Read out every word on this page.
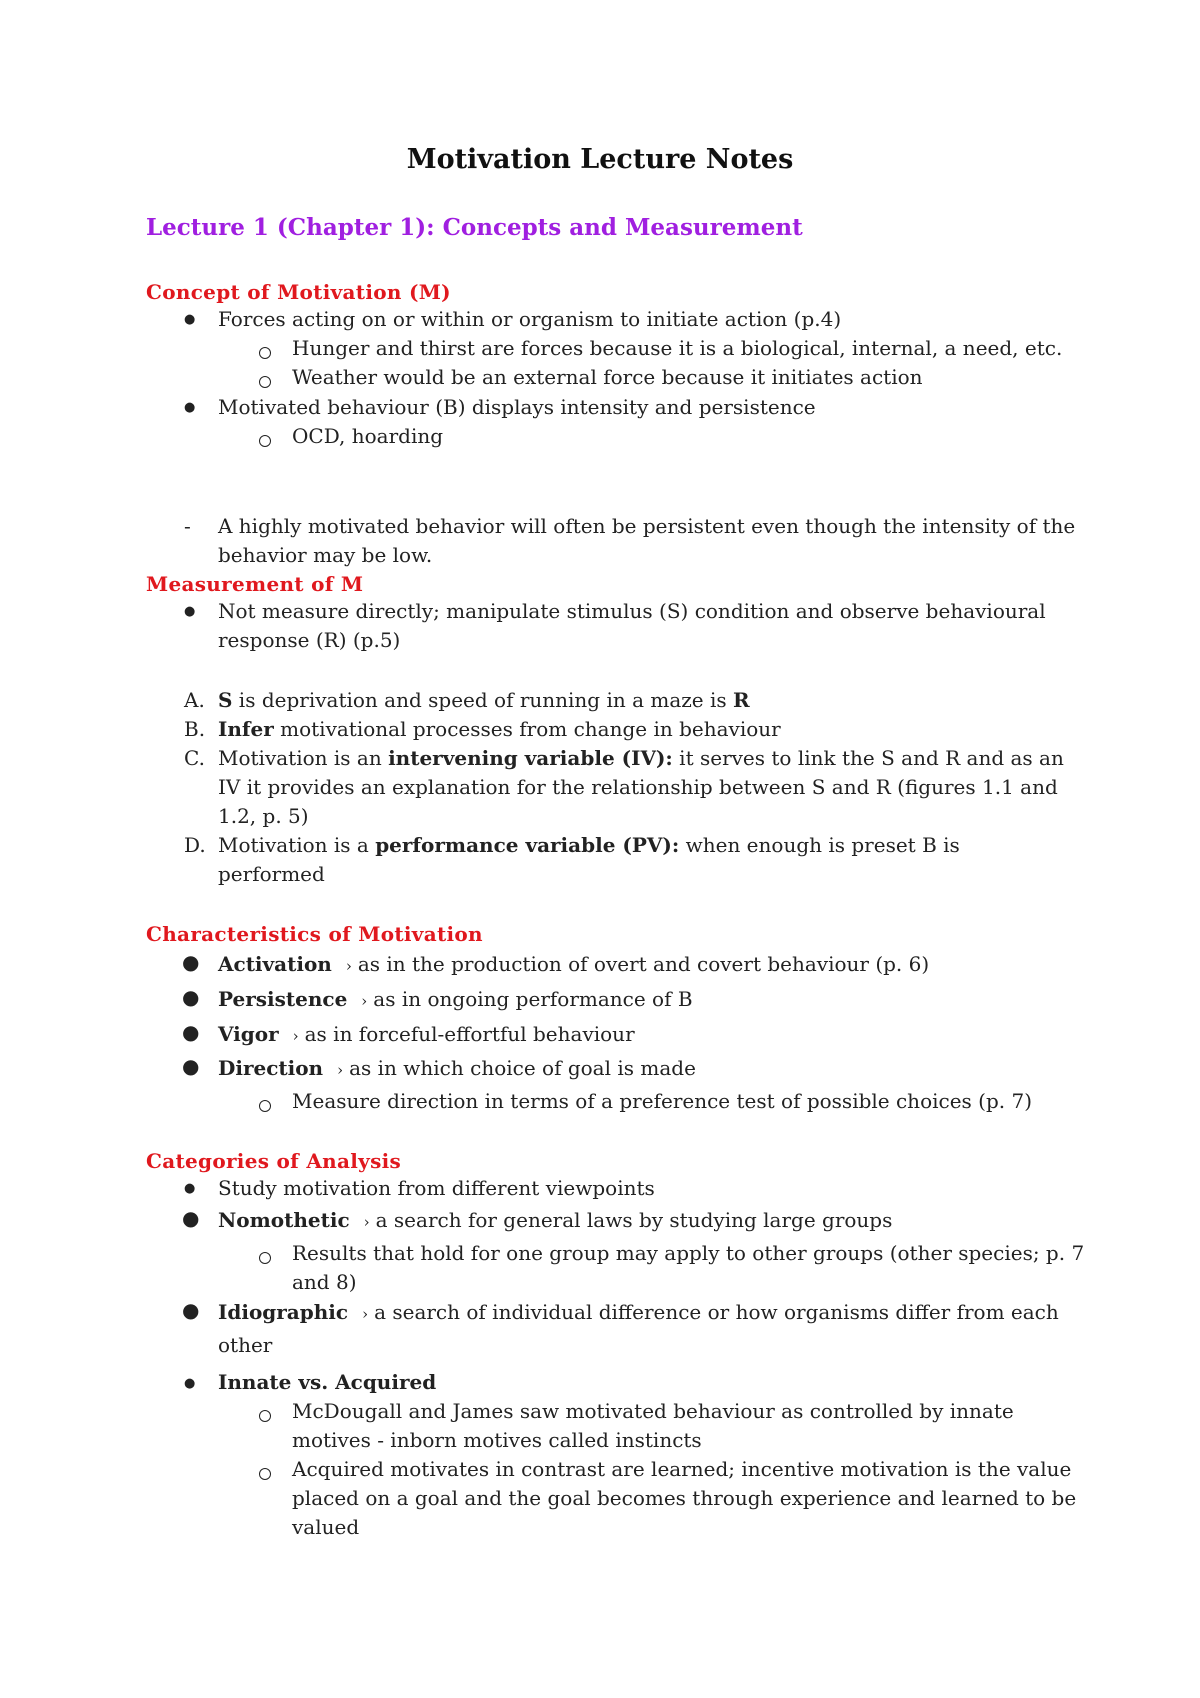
Motivation Lecture Notes
Lecture 1 (Chapter 1): Concepts and Measurement
Concept of Motivation (M)
● Forces acting on or within or organism to initiate action (p.4)
Hunger and thirst are forces because it is a biological, internal, a need, etc.
Weather would be an external force because it initiates action
● Motivated behaviour (B) displays intensity and persistence
OCD, hoarding
- A highly motivated behavior will often be persistent even though the intensity of the
behavior may be low.
Measurement of M
● Not measure directly; manipulate stimulus (S) condition and observe behavioural
response (R) (p.5)
A. S is deprivation and speed of running in a maze is R
B. Infer motivational processes from change in behaviour
C. Motivation is an intervening variable (IV): it serves to link the S and R and as an
IV it provides an explanation for the relationship between S and R (figures 1.1 and
1.2, p. 5)
D. Motivation is a performance variable (PV): when enough is preset B is
performed
Characteristics of Motivation
● Activation › as in the production of overt and covert behaviour (p. 6)
● Persistence › as in ongoing performance of B
● Vigor › as in forceful-effortful behaviour
● Direction › as in which choice of goal is made
Measure direction in terms of a preference test of possible choices (p. 7)
Categories of Analysis
● Study motivation from different viewpoints
● Nomothetic › a search for general laws by studying large groups
Results that hold for one group may apply to other groups (other species; p. 7
and 8)
● Idiographic › a search of individual difference or how organisms differ from each
other
● Innate vs. Acquired
McDougall and James saw motivated behaviour as controlled by innate
motives - inborn motives called instincts
Acquired motivates in contrast are learned; incentive motivation is the value
placed on a goal and the goal becomes through experience and learned to be
valued
